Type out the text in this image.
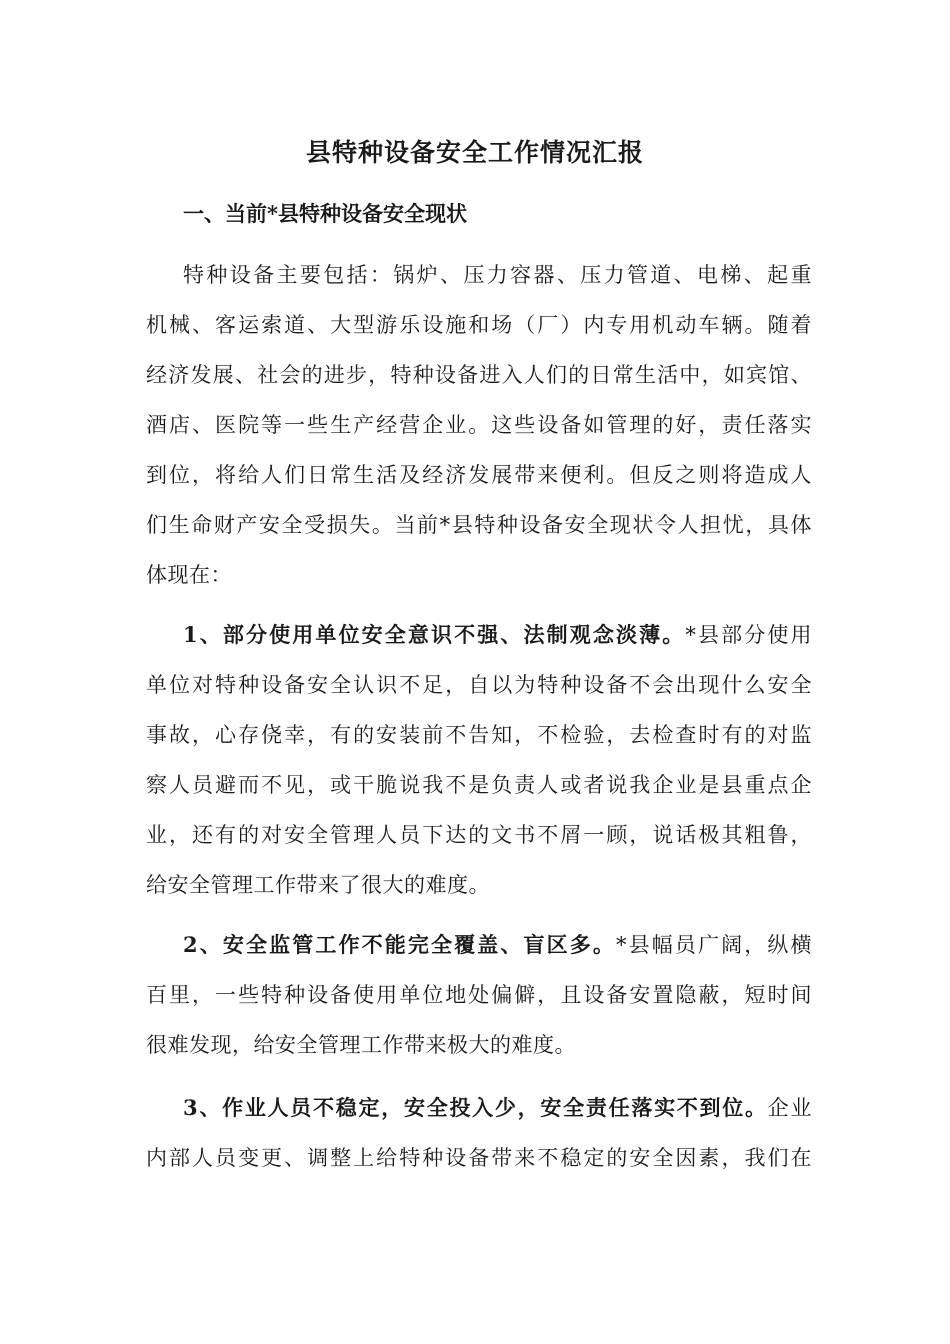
县特种设备安全工作情况汇报
一、当前*县特种设备安全现状
特种设备主要包括：锅炉、压力容器、压力管道、电梯、起重
机械、客运索道、大型游乐设施和场（厂）内专用机动车辆。随着
经济发展、社会的进步，特种设备进入人们的日常生活中，如宾馆、
酒店、医院等一些生产经营企业。这些设备如管理的好，责任落实
到位，将给人们日常生活及经济发展带来便利。但反之则将造成人
们生命财产安全受损失。当前*县特种设备安全现状令人担忧，具体
体现在：
1、部分使用单位安全意识不强、法制观念淡薄。*县部分使用
单位对特种设备安全认识不足，自以为特种设备不会出现什么安全
事故，心存侥幸，有的安装前不告知，不检验，去检查时有的对监
察人员避而不见，或干脆说我不是负责人或者说我企业是县重点企
业，还有的对安全管理人员下达的文书不屑一顾，说话极其粗鲁，
给安全管理工作带来了很大的难度。
2、安全监管工作不能完全覆盖、盲区多。*县幅员广阔，纵横
百里，一些特种设备使用单位地处偏僻，且设备安置隐蔽，短时间
很难发现，给安全管理工作带来极大的难度。
3、作业人员不稳定，安全投入少，安全责任落实不到位。企业
内部人员变更、调整上给特种设备带来不稳定的安全因素，我们在
